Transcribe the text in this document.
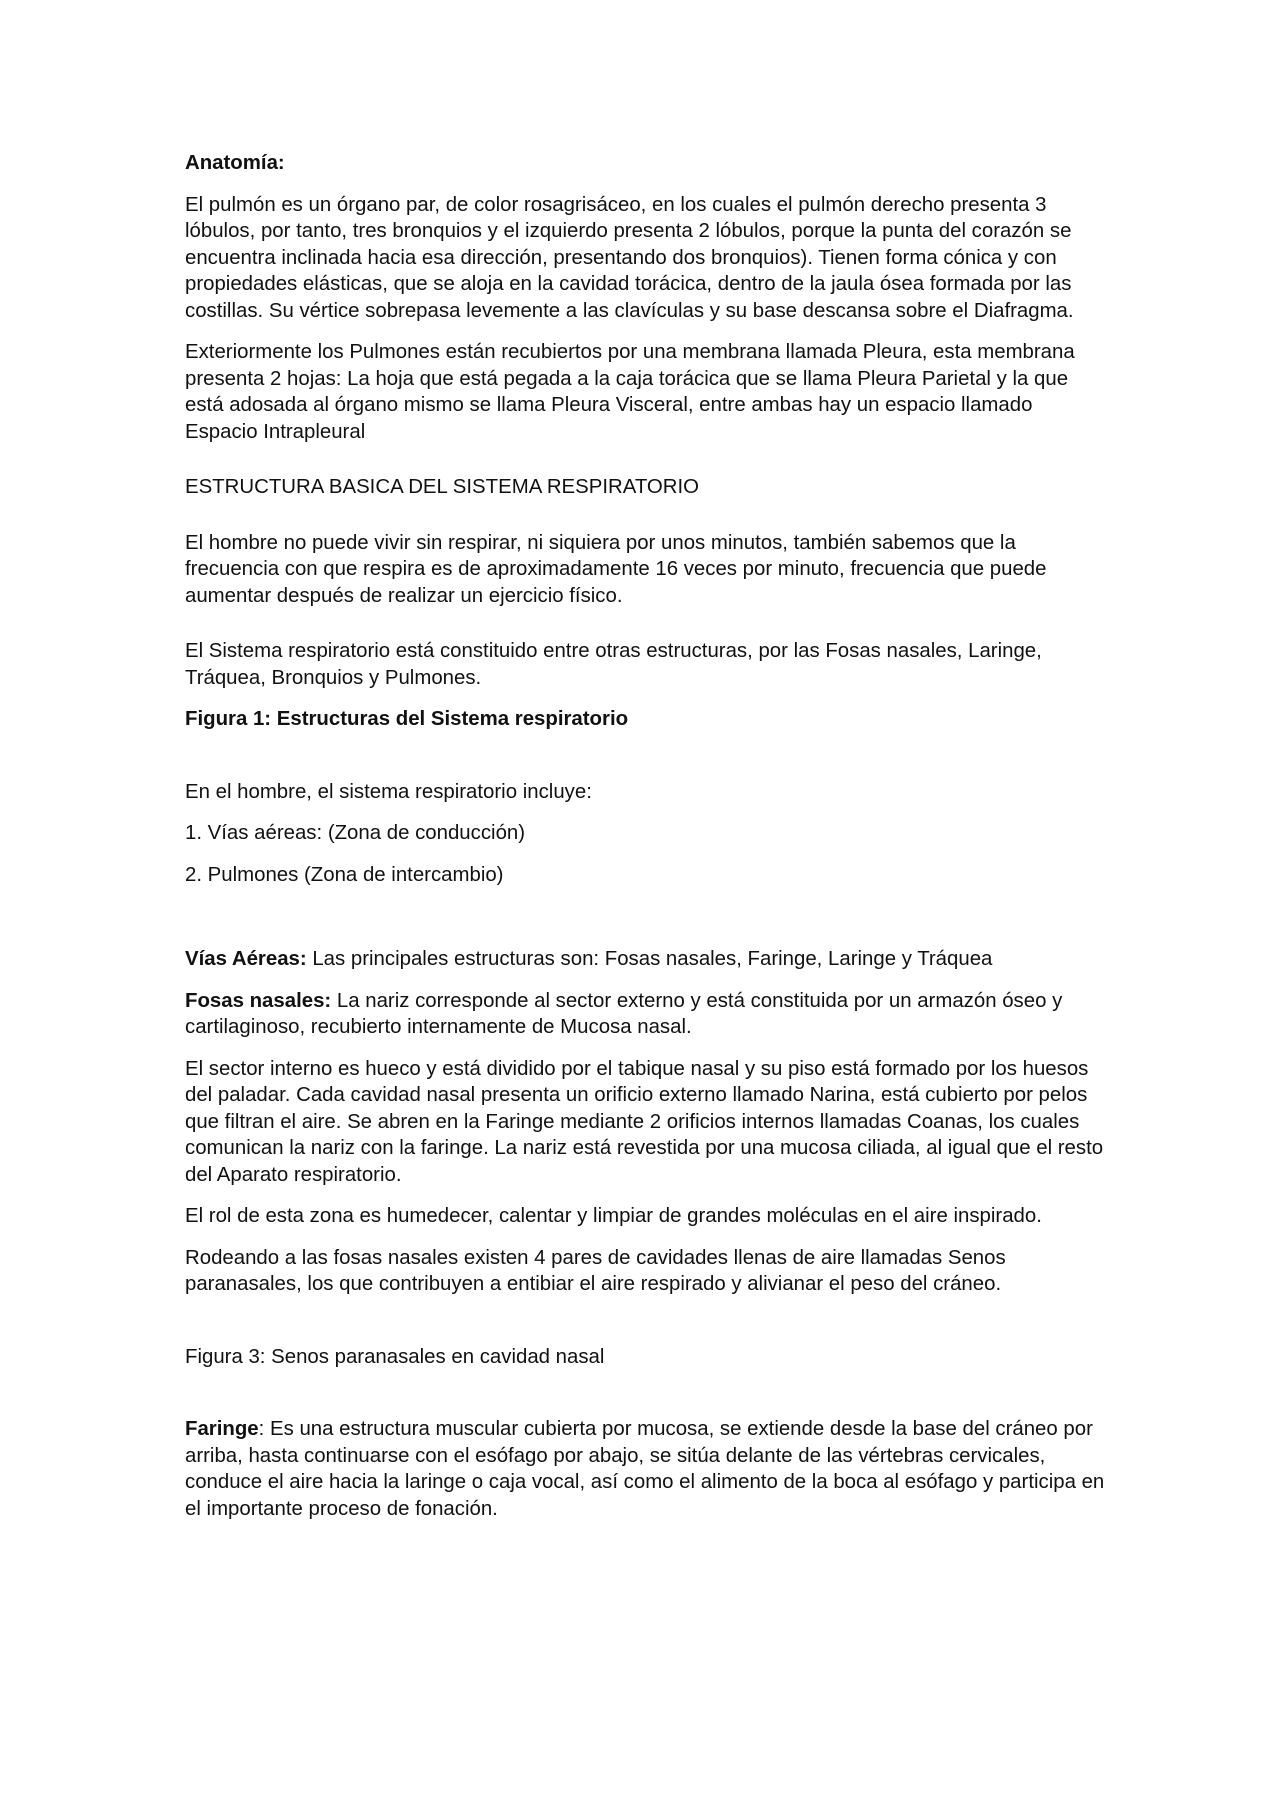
Anatomía:

El pulmón es un órgano par, de color rosagrisáceo, en los cuales el pulmón derecho presenta 3 lóbulos, por tanto, tres bronquios y el izquierdo presenta 2 lóbulos, porque la punta del corazón se encuentra inclinada hacia esa dirección, presentando dos bronquios). Tienen forma cónica y con propiedades elásticas, que se aloja en la cavidad torácica, dentro de la jaula ósea formada por las costillas. Su vértice sobrepasa levemente a las clavículas y su base descansa sobre el Diafragma.

Exteriormente los Pulmones están recubiertos por una membrana llamada Pleura, esta membrana presenta 2 hojas: La hoja que está pegada a la caja torácica que se llama Pleura Parietal y la que está adosada al órgano mismo se llama Pleura Visceral, entre ambas hay un espacio llamado Espacio Intrapleural

ESTRUCTURA BASICA DEL SISTEMA RESPIRATORIO

El hombre no puede vivir sin respirar, ni siquiera por unos minutos, también sabemos que la frecuencia con que respira es de aproximadamente 16 veces por minuto, frecuencia que puede aumentar después de realizar un ejercicio físico.

El Sistema respiratorio está constituido entre otras estructuras, por las Fosas nasales, Laringe, Tráquea, Bronquios y Pulmones.

Figura 1: Estructuras del Sistema respiratorio

En el hombre, el sistema respiratorio incluye:

1. Vías aéreas: (Zona de conducción)

2. Pulmones (Zona de intercambio)

Vías Aéreas: Las principales estructuras son: Fosas nasales, Faringe, Laringe y Tráquea

Fosas nasales: La nariz corresponde al sector externo y está constituida por un armazón óseo y cartilaginoso, recubierto internamente de Mucosa nasal.

El sector interno es hueco y está dividido por el tabique nasal y su piso está formado por los huesos del paladar. Cada cavidad nasal presenta un orificio externo llamado Narina, está cubierto por pelos que filtran el aire. Se abren en la Faringe mediante 2 orificios internos llamadas Coanas, los cuales comunican la nariz con la faringe. La nariz está revestida por una mucosa ciliada, al igual que el resto del Aparato respiratorio.

El rol de esta zona es humedecer, calentar y limpiar de grandes moléculas en el aire inspirado.

Rodeando a las fosas nasales existen 4 pares de cavidades llenas de aire llamadas Senos paranasales, los que contribuyen a entibiar el aire respirado y alivianar el peso del cráneo.

Figura 3: Senos paranasales en cavidad nasal

Faringe: Es una estructura muscular cubierta por mucosa, se extiende desde la base del cráneo por arriba, hasta continuarse con el esófago por abajo, se sitúa delante de las vértebras cervicales, conduce el aire hacia la laringe o caja vocal, así como el alimento de la boca al esófago y participa en el importante proceso de fonación.
